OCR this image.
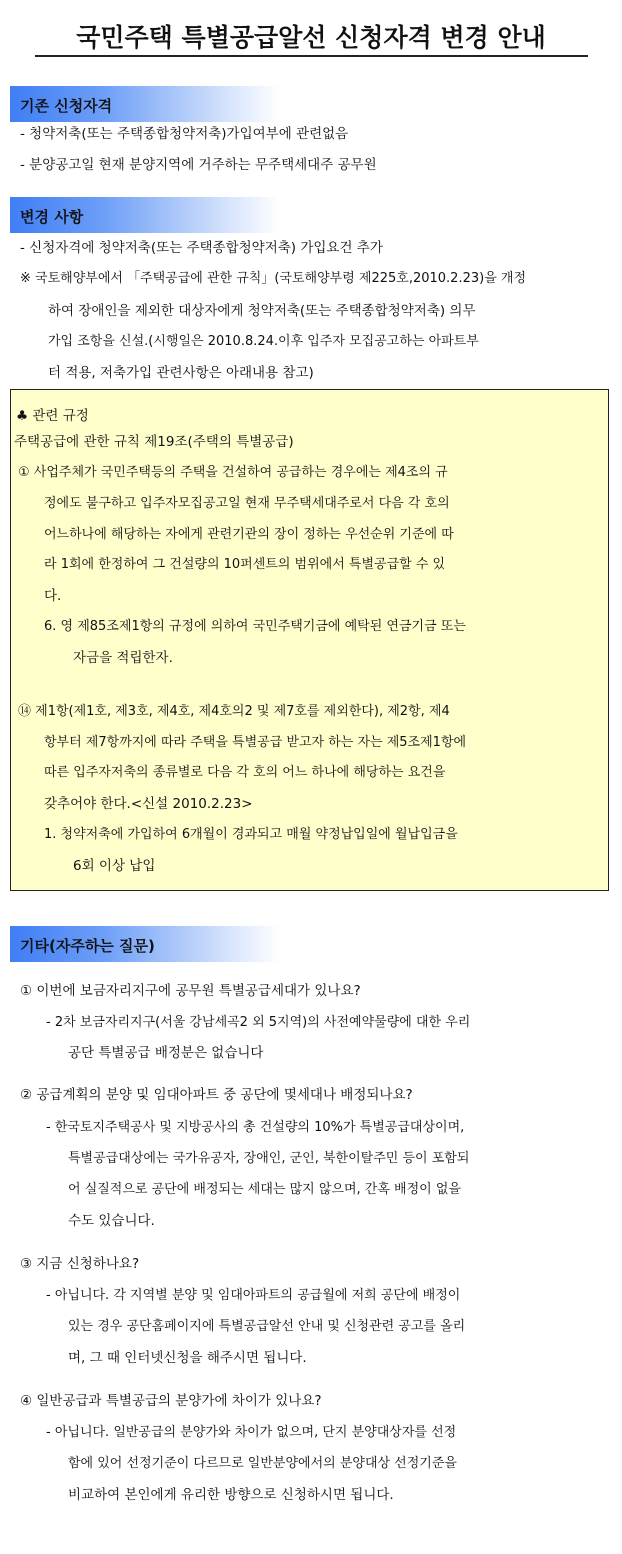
국민주택 특별공급알선 신청자격 변경 안내
기존 신청자격
- 청약저축(또는 주택종합청약저축)가입여부에 관련없음
- 분양공고일 현재 분양지역에 거주하는 무주택세대주 공무원
변경 사항
- 신청자격에 청약저축(또는 주택종합청약저축) 가입요건 추가
※ 국토해양부에서 「주택공급에 관한 규칙」(국토해양부령 제225호,2010.2.23)을 개정
하여 장애인을 제외한 대상자에게 청약저축(또는 주택종합청약저축) 의무
가입 조항을 신설.(시행일은 2010.8.24.이후 입주자 모집공고하는 아파트부
터 적용, 저축가입 관련사항은 아래내용 참고)
♣ 관련 규정
주택공급에 관한 규칙 제19조(주택의 특별공급)
① 사업주체가 국민주택등의 주택을 건설하여 공급하는 경우에는 제4조의 규
정에도 불구하고 입주자모집공고일 현재 무주택세대주로서 다음 각 호의
어느하나에 해당하는 자에게 관련기관의 장이 정하는 우선순위 기준에 따
라 1회에 한정하여 그 건설량의 10퍼센트의 범위에서 특별공급할 수 있
다.
6. 영 제85조제1항의 규정에 의하여 국민주택기금에 예탁된 연금기금 또는
자금을 적립한자.
⑭ 제1항(제1호, 제3호, 제4호, 제4호의2 및 제7호를 제외한다), 제2항, 제4
항부터 제7항까지에 따라 주택을 특별공급 받고자 하는 자는 제5조제1항에
따른 입주자저축의 종류별로 다음 각 호의 어느 하나에 해당하는 요건을
갖추어야 한다.<신설 2010.2.23>
1. 청약저축에 가입하여 6개월이 경과되고 매월 약정납입일에 월납입금을
6회 이상 납입
기타(자주하는 질문)
① 이번에 보금자리지구에 공무원 특별공급세대가 있나요?
- 2차 보금자리지구(서울 강남세곡2 외 5지역)의 사전예약물량에 대한 우리
공단 특별공급 배정분은 없습니다
② 공급계획의 분양 및 임대아파트 중 공단에 몇세대나 배정되나요?
- 한국토지주택공사 및 지방공사의 총 건설량의 10%가 특별공급대상이며,
특별공급대상에는 국가유공자, 장애인, 군인, 북한이탈주민 등이 포함되
어 실질적으로 공단에 배정되는 세대는 많지 않으며, 간혹 배정이 없을
수도 있습니다.
③ 지금 신청하나요?
- 아닙니다. 각 지역별 분양 및 임대아파트의 공급월에 저희 공단에 배정이
있는 경우 공단홈페이지에 특별공급알선 안내 및 신청관련 공고를 올리
며, 그 때 인터넷신청을 해주시면 됩니다.
④ 일반공급과 특별공급의 분양가에 차이가 있나요?
- 아닙니다. 일반공급의 분양가와 차이가 없으며, 단지 분양대상자를 선정
함에 있어 선정기준이 다르므로 일반분양에서의 분양대상 선정기준을
비교하여 본인에게 유리한 방향으로 신청하시면 됩니다.
